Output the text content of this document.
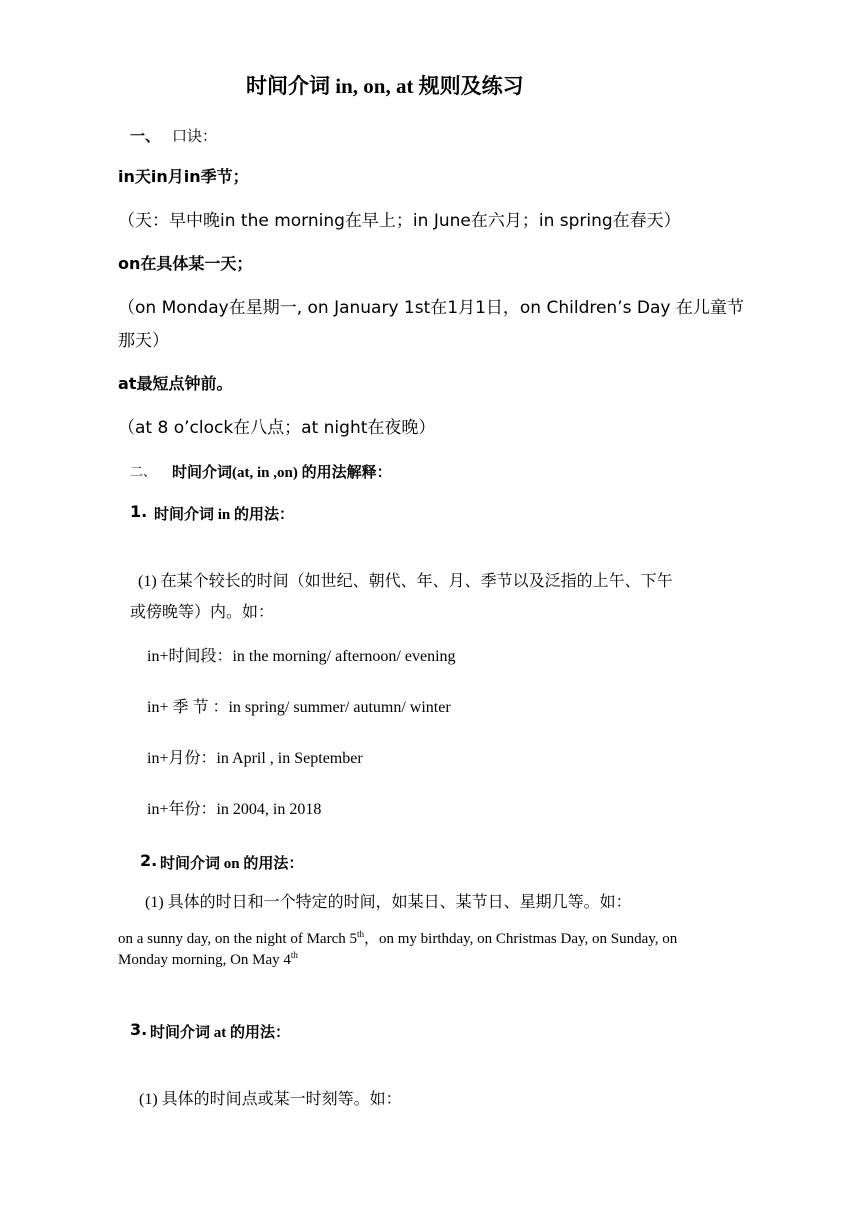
时间介词 in, on, at 规则及练习
一、 口诀：
in天in月in季节；
（天：早中晚in the morning在早上；in June在六月；in spring在春天）
on在具体某一天；
（on Monday在星期一, on January 1st在1月1日，on Children’s Day 在儿童节
那天）
at最短点钟前。
（at 8 o’clock在八点；at night在夜晚）
二、 时间介词(at, in ,on) 的用法解释：
1. 时间介词 in 的用法：
(1) 在某个较长的时间（如世纪、朝代、年、月、季节以及泛指的上午、下午
或傍晚等）内。如：
in+时间段：in the morning/ afternoon/ evening
in+ 季 节 ：in spring/ summer/ autumn/ winter
in+月份：in April , in September
in+年份：in 2004, in 2018
2. 时间介词 on 的用法：
(1) 具体的时日和一个特定的时间，如某日、某节日、星期几等。如：
on a sunny day, on the night of March 5th，on my birthday, on Christmas Day, on Sunday, on
Monday morning, On May 4th
3. 时间介词 at 的用法：
(1) 具体的时间点或某一时刻等。如：
